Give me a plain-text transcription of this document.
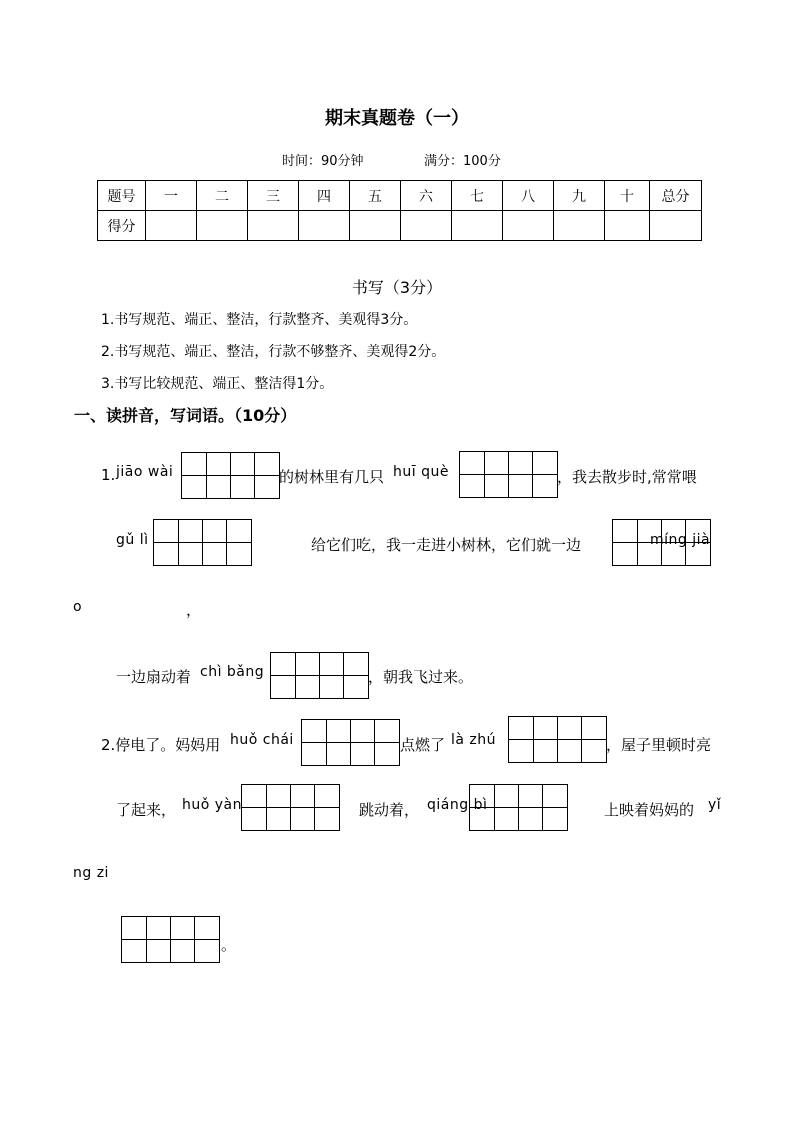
期末真题卷（一）
时间：90分钟	满分：100分
题号	一	二	三	四	五	六	七	八	九	十	总分
得分											
书写（3分）
1.书写规范、端正、整洁，行款整齐、美观得3分。
2.书写规范、端正、整洁，行款不够整齐、美观得2分。
3.书写比较规范、端正、整洁得1分。
一、读拼音，写词语。（10分）
1. jiāo wài	的树林里有几只 huī què	，我去散步时,常常喂
gǔ lì	给它们吃，我一走进小树林，它们就一边	míng jià
o	，
一边扇动着 chì bǎng	，朝我飞过来。
2.停电了。妈妈用 huǒ chái	点燃了 là zhú	，屋子里顿时亮
了起来， huǒ yàn	跳动着， qiáng bì	上映着妈妈的 yǐ
ng zi
。
